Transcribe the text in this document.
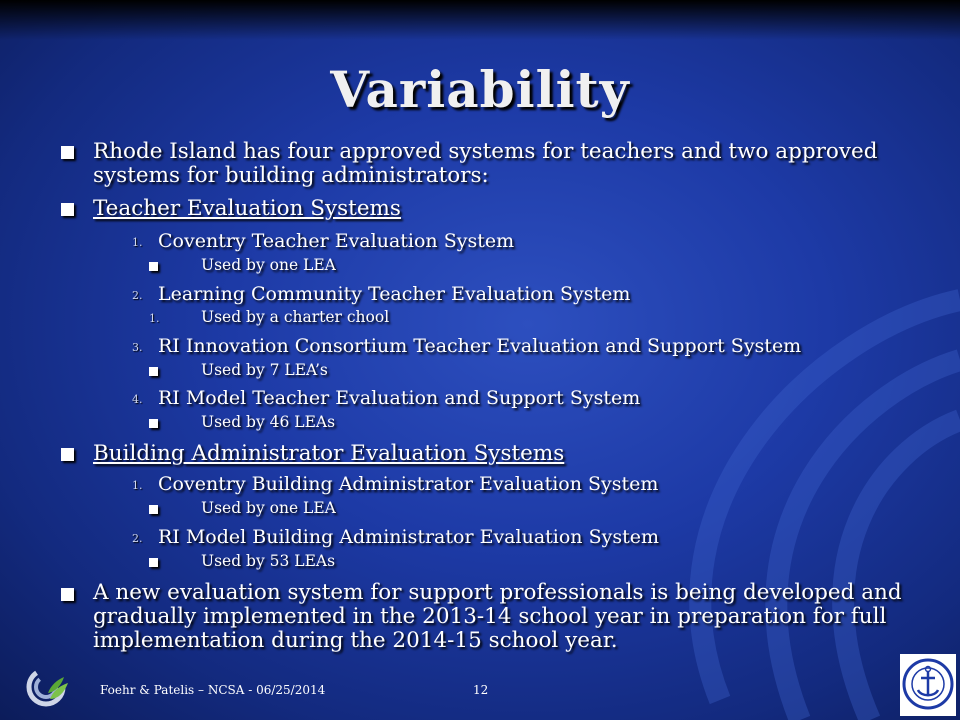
Variability
Rhode Island has four approved systems for teachers and two approved
systems for building administrators:
Teacher Evaluation Systems
1. Coventry Teacher Evaluation System
Used by one LEA
2. Learning Community Teacher Evaluation System
1.	Used by a charter chool
3. RI Innovation Consortium Teacher Evaluation and Support System
Used by 7 LEA’s
4. RI Model Teacher Evaluation and Support System
Used by 46 LEAs
Building Administrator Evaluation Systems
1. Coventry Building Administrator Evaluation System
Used by one LEA
2. RI Model Building Administrator Evaluation System
Used by 53 LEAs
A new evaluation system for support professionals is being developed and
gradually implemented in the 2013-14 school year in preparation for full
implementation during the 2014-15 school year.
Foehr & Patelis – NCSA - 06/25/2014	12
